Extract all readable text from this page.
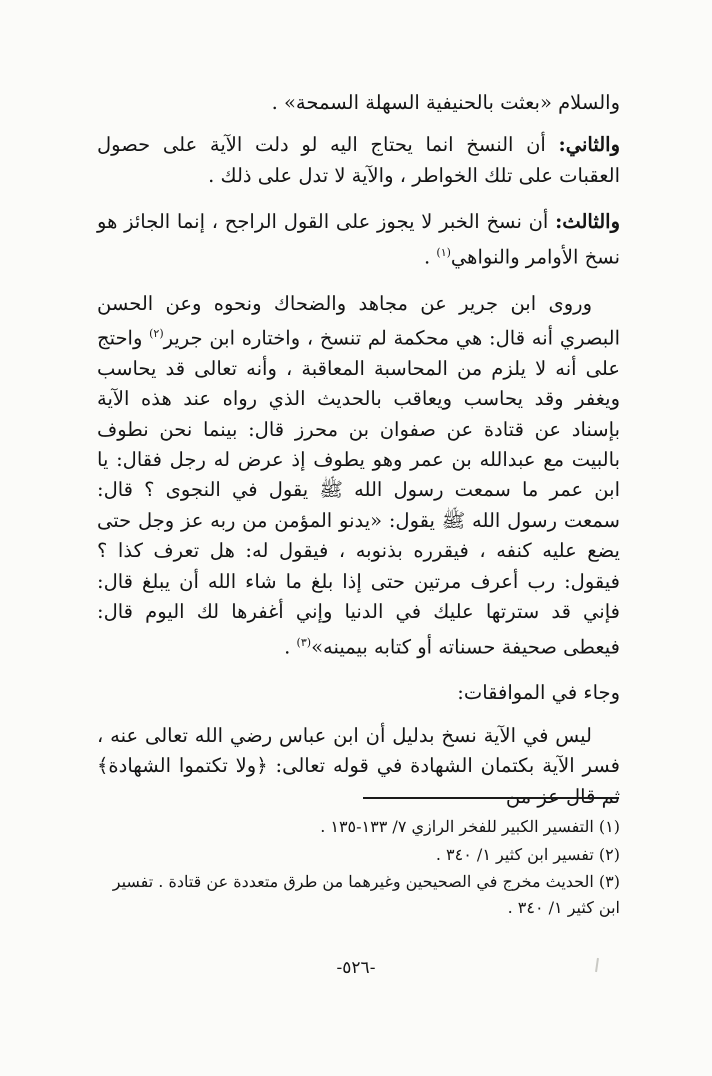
والسلام «بعثت بالحنيفية السهلة السمحة» .

والثاني: أن النسخ انما يحتاج اليه لو دلت الآية على حصول العقبات على تلك الخواطر ، والآية لا تدل على ذلك .

والثالث: أن نسخ الخبر لا يجوز على القول الراجح ، إنما الجائز هو نسخ الأوامر والنواهي$^{(١)}$ .

وروى ابن جرير عن مجاهد والضحاك ونحوه وعن الحسن البصري أنه قال: هي محكمة لم تنسخ ، واختاره ابن جرير$^{(٢)}$ واحتج على أنه لا يلزم من المحاسبة المعاقبة ، وأنه تعالى قد يحاسب ويغفر وقد يحاسب ويعاقب بالحديث الذي رواه عند هذه الآية بإسناد عن قتادة عن صفوان بن محرز قال: بينما نحن نطوف بالبيت مع عبدالله بن عمر وهو يطوف إذ عرض له رجل فقال: يا ابن عمر ما سمعت رسول الله ﷺ يقول في النجوى ؟ قال: سمعت رسول الله ﷺ يقول: «يدنو المؤمن من ربه عز وجل حتى يضع عليه كنفه ، فيقرره بذنوبه ، فيقول له: هل تعرف كذا ؟ فيقول: رب أعرف مرتين حتى إذا بلغ ما شاء الله أن يبلغ قال: فإني قد سترتها عليك في الدنيا وإني أغفرها لك اليوم قال: فيعطى صحيفة حسناته أو كتابه بيمينه»$^{(٣)}$ .

وجاء في الموافقات:

ليس في الآية نسخ بدليل أن ابن عباس رضي الله تعالى عنه ، فسر الآية بكتمان الشهادة في قوله تعالى: ﴿ولا تكتموا الشهادة﴾ ثم قال عز من

(١) التفسير الكبير للفخر الرازي ٧/ ١٣٣-١٣٥ .

(٢) تفسير ابن كثير ١/ ٣٤٠ .

(٣) الحديث مخرج في الصحيحين وغيرهما من طرق متعددة عن قتادة . تفسير ابن كثير ١/ ٣٤٠ .

-٥٢٦-
